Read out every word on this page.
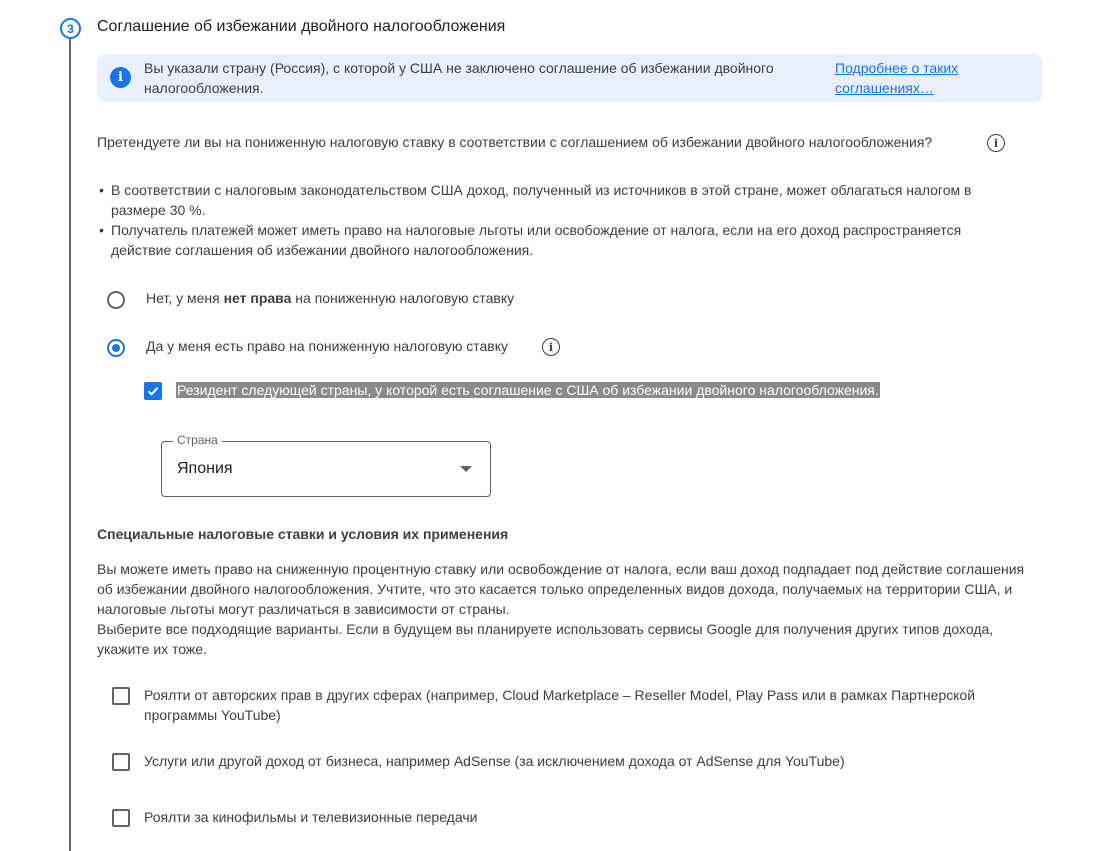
3	Соглашение об избежании двойного налогообложения
i
Вы указали страну (Россия), с которой у США не заключено соглашение об избежании двойного налогообложения.
Подробнее о таких соглашениях…
Претендуете ли вы на пониженную налоговую ставку в соответствии с соглашением об избежании двойного налогообложения?	i
• В соответствии с налоговым законодательством США доход, полученный из источников в этой стране, может облагаться налогом в размере 30 %.
• Получатель платежей может иметь право на налоговые льготы или освобождение от налога, если на его доход распространяется действие соглашения об избежании двойного налогообложения.
Нет, у меня нет права на пониженную налоговую ставку
Да у меня есть право на пониженную налоговую ставку	i
Резидент следующей страны, у которой есть соглашение с США об избежании двойного налогообложения.
Страна
Япония
Специальные налоговые ставки и условия их применения
Вы можете иметь право на сниженную процентную ставку или освобождение от налога, если ваш доход подпадает под действие соглашения об избежании двойного налогообложения. Учтите, что это касается только определенных видов дохода, получаемых на территории США, и налоговые льготы могут различаться в зависимости от страны.
Выберите все подходящие варианты. Если в будущем вы планируете использовать сервисы Google для получения других типов дохода, укажите их тоже.
Роялти от авторских прав в других сферах (например, Cloud Marketplace – Reseller Model, Play Pass или в рамках Партнерской программы YouTube)
Услуги или другой доход от бизнеса, например AdSense (за исключением дохода от AdSense для YouTube)
Роялти за кинофильмы и телевизионные передачи
